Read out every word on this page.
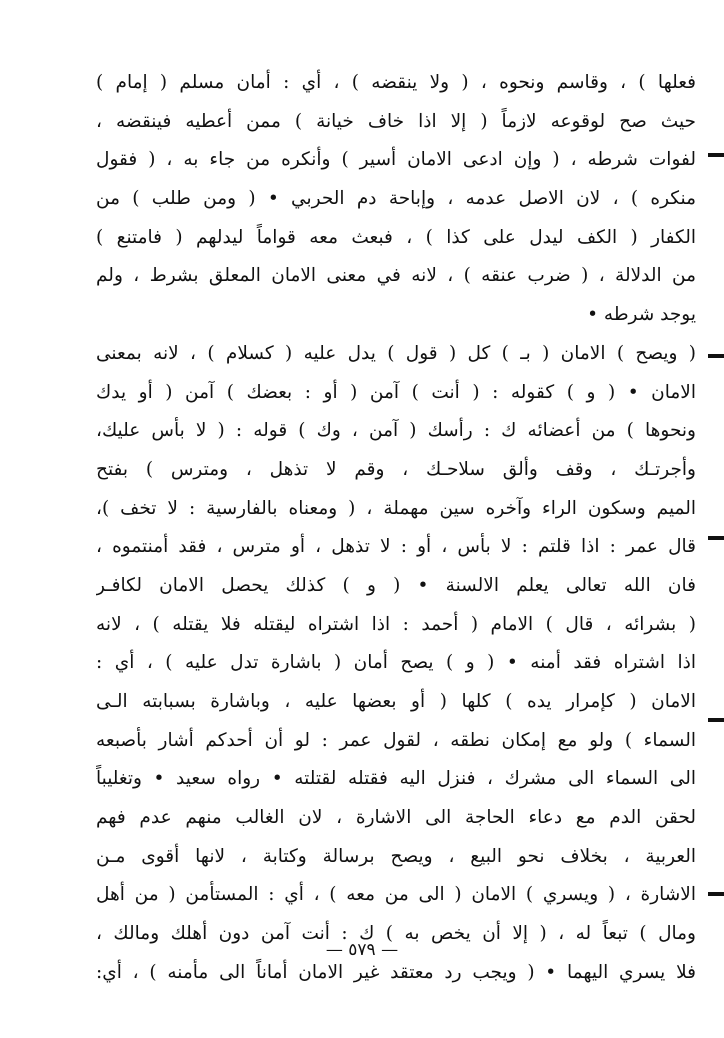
فعلها ) ، وقاسم ونحوه ، ( ولا ينقضه ) ، أي : أمان مسلم ( إمام )
حيث صح لوقوعه لازماً ( إلا اذا خاف خيانة ) ممن أعطيه فينقضه ،
لفوات شرطه ، ( وإن ادعى الامان أسير ) وأنكره من جاء به ، ( فقول
منكره ) ، لان الاصل عدمه ، وإباحة دم الحربي • ( ومن طلب ) من
الكفار ( الكف ليدل على كذا ) ، فبعث معه قواماً ليدلهم ( فامتنع )
من الدلالة ، ( ضرب عنقه ) ، لانه في معنى الامان المعلق بشرط ، ولم
يوجد شرطه •
( ويصح ) الامان ( بـ ) كل ( قول ) يدل عليه ( كسلام ) ، لانه بمعنى
الامان • ( و ) كقوله : ( أنت ) آمن ( أو : بعضك ) آمن ( أو يدك
ونحوها ) من أعضائه ك : رأسك ( آمن ، وك ) قوله : ( لا بأس عليك،
وأجرتـك ، وقف وألق سلاحـك ، وقم لا تذهل ، ومترس ) بفتح
الميم وسكون الراء وآخره سين مهملة ، ( ومعناه بالفارسية : لا تخف )،
قال عمر : اذا قلتم : لا بأس ، أو : لا تذهل ، أو مترس ، فقد أمنتموه ،
فان الله تعالى يعلم الالسنة • ( و ) كذلك يحصل الامان لكافـر
( بشرائه ، قال ) الامام ( أحمد : اذا اشتراه ليقتله فلا يقتله ) ، لانه
اذا اشتراه فقد أمنه • ( و ) يصح أمان ( باشارة تدل عليه ) ، أي :
الامان ( كإمرار يده ) كلها ( أو بعضها عليه ، وباشارة بسبابته الـى
السماء ) ولو مع إمكان نطقه ، لقول عمر : لو أن أحدكم أشار بأصبعه
الى السماء الى مشرك ، فنزل اليه فقتله لقتلته • رواه سعيد • وتغليباً
لحقن الدم مع دعاء الحاجة الى الاشارة ، لان الغالب منهم عدم فهم
العربية ، بخلاف نحو البيع ، ويصح برسالة وكتابة ، لانها أقوى مـن
الاشارة ، ( ويسري ) الامان ( الى من معه ) ، أي : المستأمن ( من أهل
ومال ) تبعاً له ، ( إلا أن يخص به ) ك : أنت آمن دون أهلك ومالك ،
فلا يسري اليهما • ( ويجب رد معتقد غير الامان أماناً الى مأمنه ) ، أي:
— ٥٧٩ —
